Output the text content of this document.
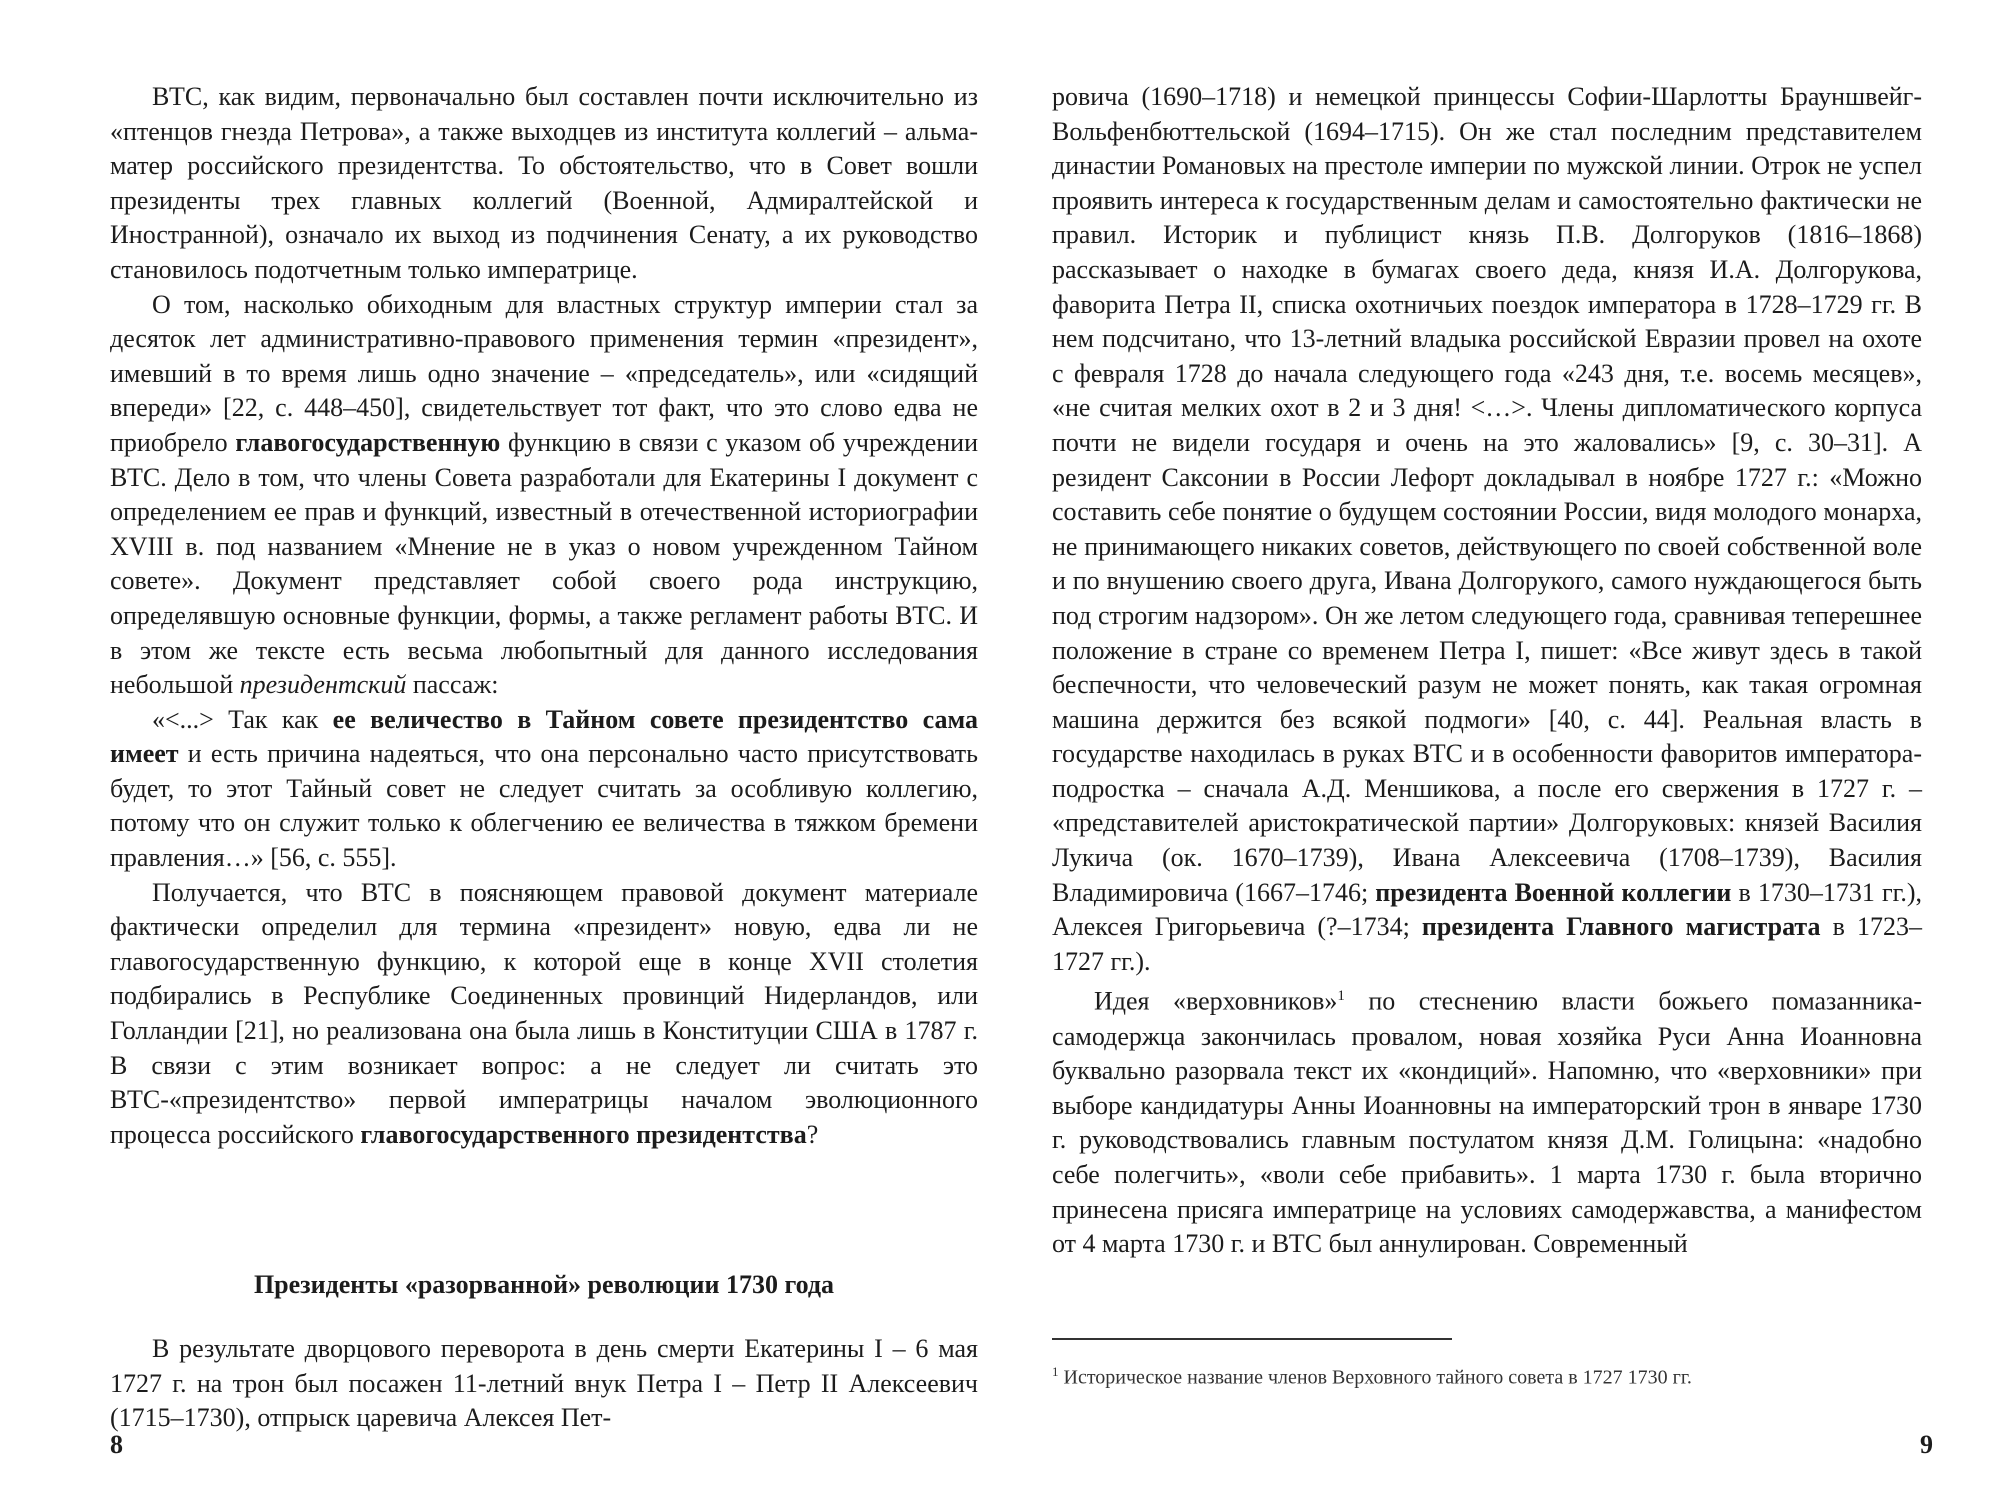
ВТС, как видим, первоначально был составлен почти исключительно из «птенцов гнезда Петрова», а также выходцев из института коллегий – альма-матер российского президентства. То обстоятельство, что в Совет вошли президенты трех главных коллегий (Военной, Адмиралтейской и Иностранной), означало их выход из подчинения Сенату, а их руководство становилось подотчетным только императрице.

О том, насколько обиходным для властных структур империи стал за десяток лет административно-правового применения термин «президент», имевший в то время лишь одно значение – «председатель», или «сидящий впереди» [22, с. 448–450], свидетельствует тот факт, что это слово едва не приобрело главогосударственную функцию в связи с указом об учреждении ВТС. Дело в том, что члены Совета разработали для Екатерины I документ с определением ее прав и функций, известный в отечественной историографии XVIII в. под названием «Мнение не в указ о новом учрежденном Тайном совете». Документ представляет собой своего рода инструкцию, определявшую основные функции, формы, а также регламент работы ВТС. И в этом же тексте есть весьма любопытный для данного исследования небольшой президентский пассаж:

«<...> Так как ее величество в Тайном совете президентство сама имеет и есть причина надеяться, что она персонально часто присутствовать будет, то этот Тайный совет не следует считать за особливую коллегию, потому что он служит только к облегчению ее величества в тяжком бремени правления…» [56, с. 555].

Получается, что ВТС в поясняющем правовой документ материале фактически определил для термина «президент» новую, едва ли не главогосударственную функцию, к которой еще в конце XVII столетия подбирались в Республике Соединенных провинций Нидерландов, или Голландии [21], но реализована она была лишь в Конституции США в 1787 г. В связи с этим возникает вопрос: а не следует ли считать это ВТС-«президентство» первой императрицы началом эволюционного процесса российского главогосударственного президентства?

Президенты «разорванной» революции 1730 года

В результате дворцового переворота в день смерти Екатерины I – 6 мая 1727 г. на трон был посажен 11-летний внук Петра I – Петр II Алексеевич (1715–1730), отпрыск царевича Алексея Пет-

8

ровича (1690–1718) и немецкой принцессы Софии-Шарлотты Брауншвейг-Вольфенбюттельской (1694–1715). Он же стал последним представителем династии Романовых на престоле империи по мужской линии. Отрок не успел проявить интереса к государственным делам и самостоятельно фактически не правил. Историк и публицист князь П.В. Долгоруков (1816–1868) рассказывает о находке в бумагах своего деда, князя И.А. Долгорукова, фаворита Петра II, списка охотничьих поездок императора в 1728–1729 гг. В нем подсчитано, что 13-летний владыка российской Евразии провел на охоте с февраля 1728 до начала следующего года «243 дня, т.е. восемь месяцев», «не считая мелких охот в 2 и 3 дня! <…>. Члены дипломатического корпуса почти не видели государя и очень на это жаловались» [9, с. 30–31]. А резидент Саксонии в России Лефорт докладывал в ноябре 1727 г.: «Можно составить себе понятие о будущем состоянии России, видя молодого монарха, не принимающего никаких советов, действующего по своей собственной воле и по внушению своего друга, Ивана Долгорукого, самого нуждающегося быть под строгим надзором». Он же летом следующего года, сравнивая теперешнее положение в стране со временем Петра I, пишет: «Все живут здесь в такой беспечности, что человеческий разум не может понять, как такая огромная машина держится без всякой подмоги» [40, с. 44]. Реальная власть в государстве находилась в руках ВТС и в особенности фаворитов императора-подростка – сначала А.Д. Меншикова, а после его свержения в 1727 г. – «представителей аристократической партии» Долгоруковых: князей Василия Лукича (ок. 1670–1739), Ивана Алексеевича (1708–1739), Василия Владимировича (1667–1746; президента Военной коллегии в 1730–1731 гг.), Алексея Григорьевича (?–1734; президента Главного магистрата в 1723–1727 гг.).

Идея «верховников»$^1$ по стеснению власти божьего помазанника-самодержца закончилась провалом, новая хозяйка Руси Анна Иоанновна буквально разорвала текст их «кондиций». Напомню, что «верховники» при выборе кандидатуры Анны Иоанновны на императорский трон в январе 1730 г. руководствовались главным постулатом князя Д.М. Голицына: «надобно себе полегчить», «воли себе прибавить». 1 марта 1730 г. была вторично принесена присяга императрице на условиях самодержавства, а манифестом от 4 марта 1730 г. и ВТС был аннулирован. Современный

$^1$ Историческое название членов Верховного тайного совета в 1727 1730 гг.
9
